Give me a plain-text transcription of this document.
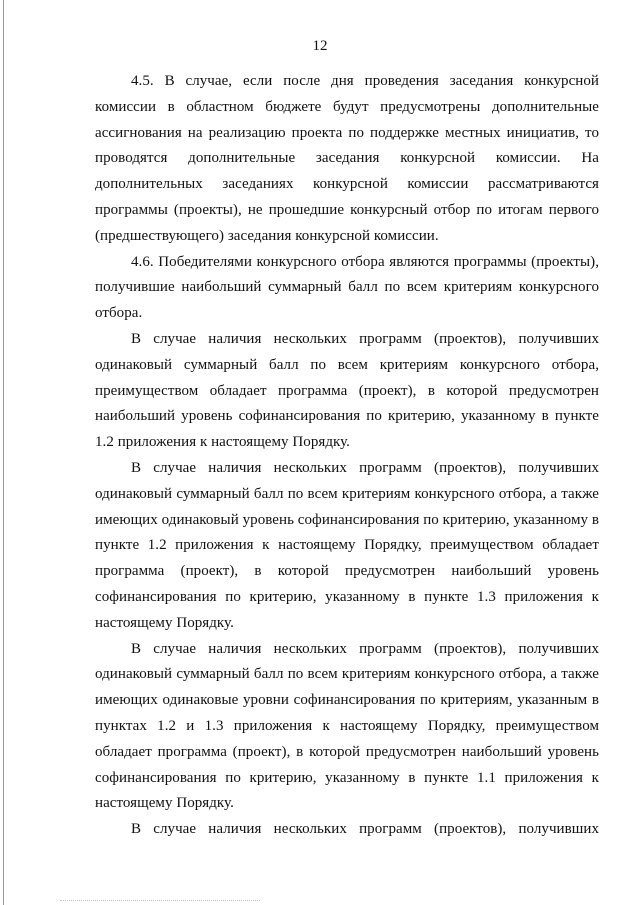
12

4.5. В случае, если после дня проведения заседания конкурсной комиссии в областном бюджете будут предусмотрены дополнительные ассигнования на реализацию проекта по поддержке местных инициатив, то проводятся дополнительные заседания конкурсной комиссии. На дополнительных заседаниях конкурсной комиссии рассматриваются программы (проекты), не прошедшие конкурсный отбор по итогам первого (предшествующего) заседания конкурсной комиссии.

4.6. Победителями конкурсного отбора являются программы (проекты), получившие наибольший суммарный балл по всем критериям конкурсного отбора.

В случае наличия нескольких программ (проектов), получивших одинаковый суммарный балл по всем критериям конкурсного отбора, преимуществом обладает программа (проект), в которой предусмотрен наибольший уровень софинансирования по критерию, указанному в пункте 1.2 приложения к настоящему Порядку.

В случае наличия нескольких программ (проектов), получивших одинаковый суммарный балл по всем критериям конкурсного отбора, а также имеющих одинаковый уровень софинансирования по критерию, указанному в пункте 1.2 приложения к настоящему Порядку, преимуществом обладает программа (проект), в которой предусмотрен наибольший уровень софинансирования по критерию, указанному в пункте 1.3 приложения к настоящему Порядку.

В случае наличия нескольких программ (проектов), получивших одинаковый суммарный балл по всем критериям конкурсного отбора, а также имеющих одинаковые уровни софинансирования по критериям, указанным в пунктах 1.2 и 1.3 приложения к настоящему Порядку, преимуществом обладает программа (проект), в которой предусмотрен наибольший уровень софинансирования по критерию, указанному в пункте 1.1 приложения к настоящему Порядку.

В случае наличия нескольких программ (проектов), получивших
